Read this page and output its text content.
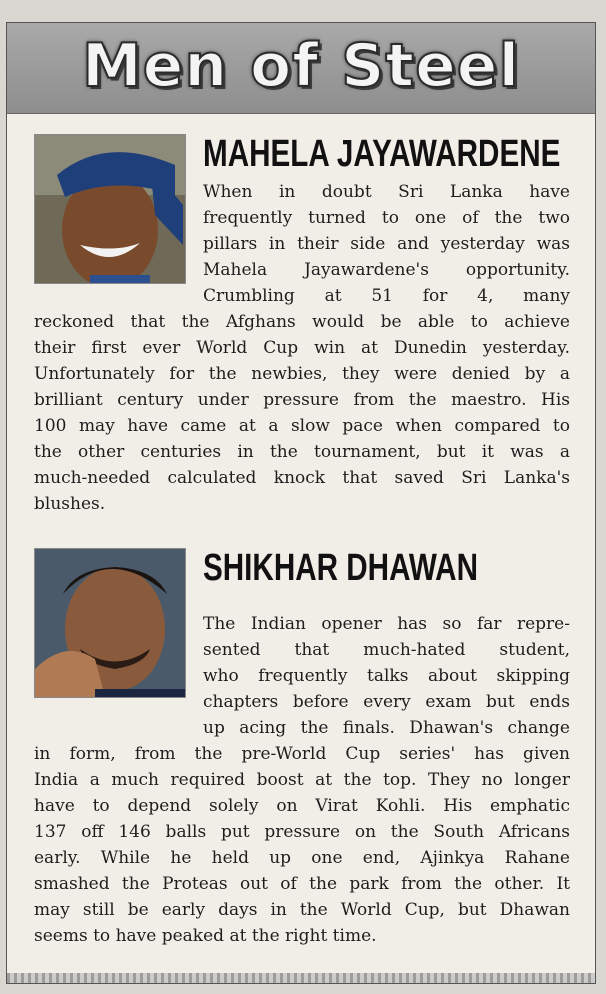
Men of Steel
MAHELA JAYAWARDENE
When in doubt Sri Lanka have
frequently turned to one of the two
pillars in their side and yesterday was
Mahela Jayawardene's opportunity.
Crumbling at 51 for 4, many
reckoned that the Afghans would be able to achieve
their first ever World Cup win at Dunedin yesterday.
Unfortunately for the newbies, they were denied by a
brilliant century under pressure from the maestro. His
100 may have came at a slow pace when compared to
the other centuries in the tournament, but it was a
much-needed calculated knock that saved Sri Lanka's
blushes.
SHIKHAR DHAWAN
The Indian opener has so far repre-
sented that much-hated student,
who frequently talks about skipping
chapters before every exam but ends
up acing the finals. Dhawan's change
in form, from the pre-World Cup series' has given
India a much required boost at the top. They no longer
have to depend solely on Virat Kohli. His emphatic
137 off 146 balls put pressure on the South Africans
early. While he held up one end, Ajinkya Rahane
smashed the Proteas out of the park from the other. It
may still be early days in the World Cup, but Dhawan
seems to have peaked at the right time.
